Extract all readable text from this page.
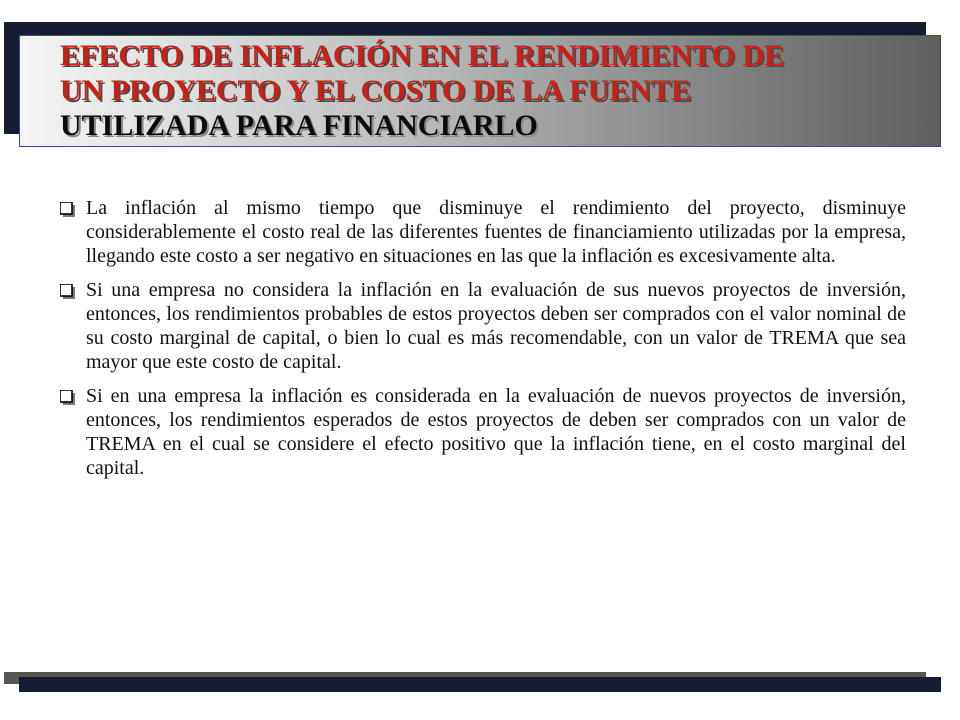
EFECTO DE INFLACIÓN EN EL RENDIMIENTO DE
UN PROYECTO Y EL COSTO DE LA FUENTE
UTILIZADA PARA FINANCIARLO
La inflación al mismo tiempo que disminuye el rendimiento del proyecto, disminuye considerablemente el costo real de las diferentes fuentes de financiamiento utilizadas por la empresa, llegando este costo a ser negativo en situaciones en las que la inflación es excesivamente alta.
Si una empresa no considera la inflación en la evaluación de sus nuevos proyectos de inversión, entonces, los rendimientos probables de estos proyectos deben ser comprados con el valor nominal de su costo marginal de capital, o bien lo cual es más recomendable, con un valor de TREMA que sea mayor que este costo de capital.
Si en una empresa la inflación es considerada en la evaluación de nuevos proyectos de inversión, entonces, los rendimientos esperados de estos proyectos de deben ser comprados con un valor de TREMA en el cual se considere el efecto positivo que la inflación tiene, en el costo marginal del capital.
